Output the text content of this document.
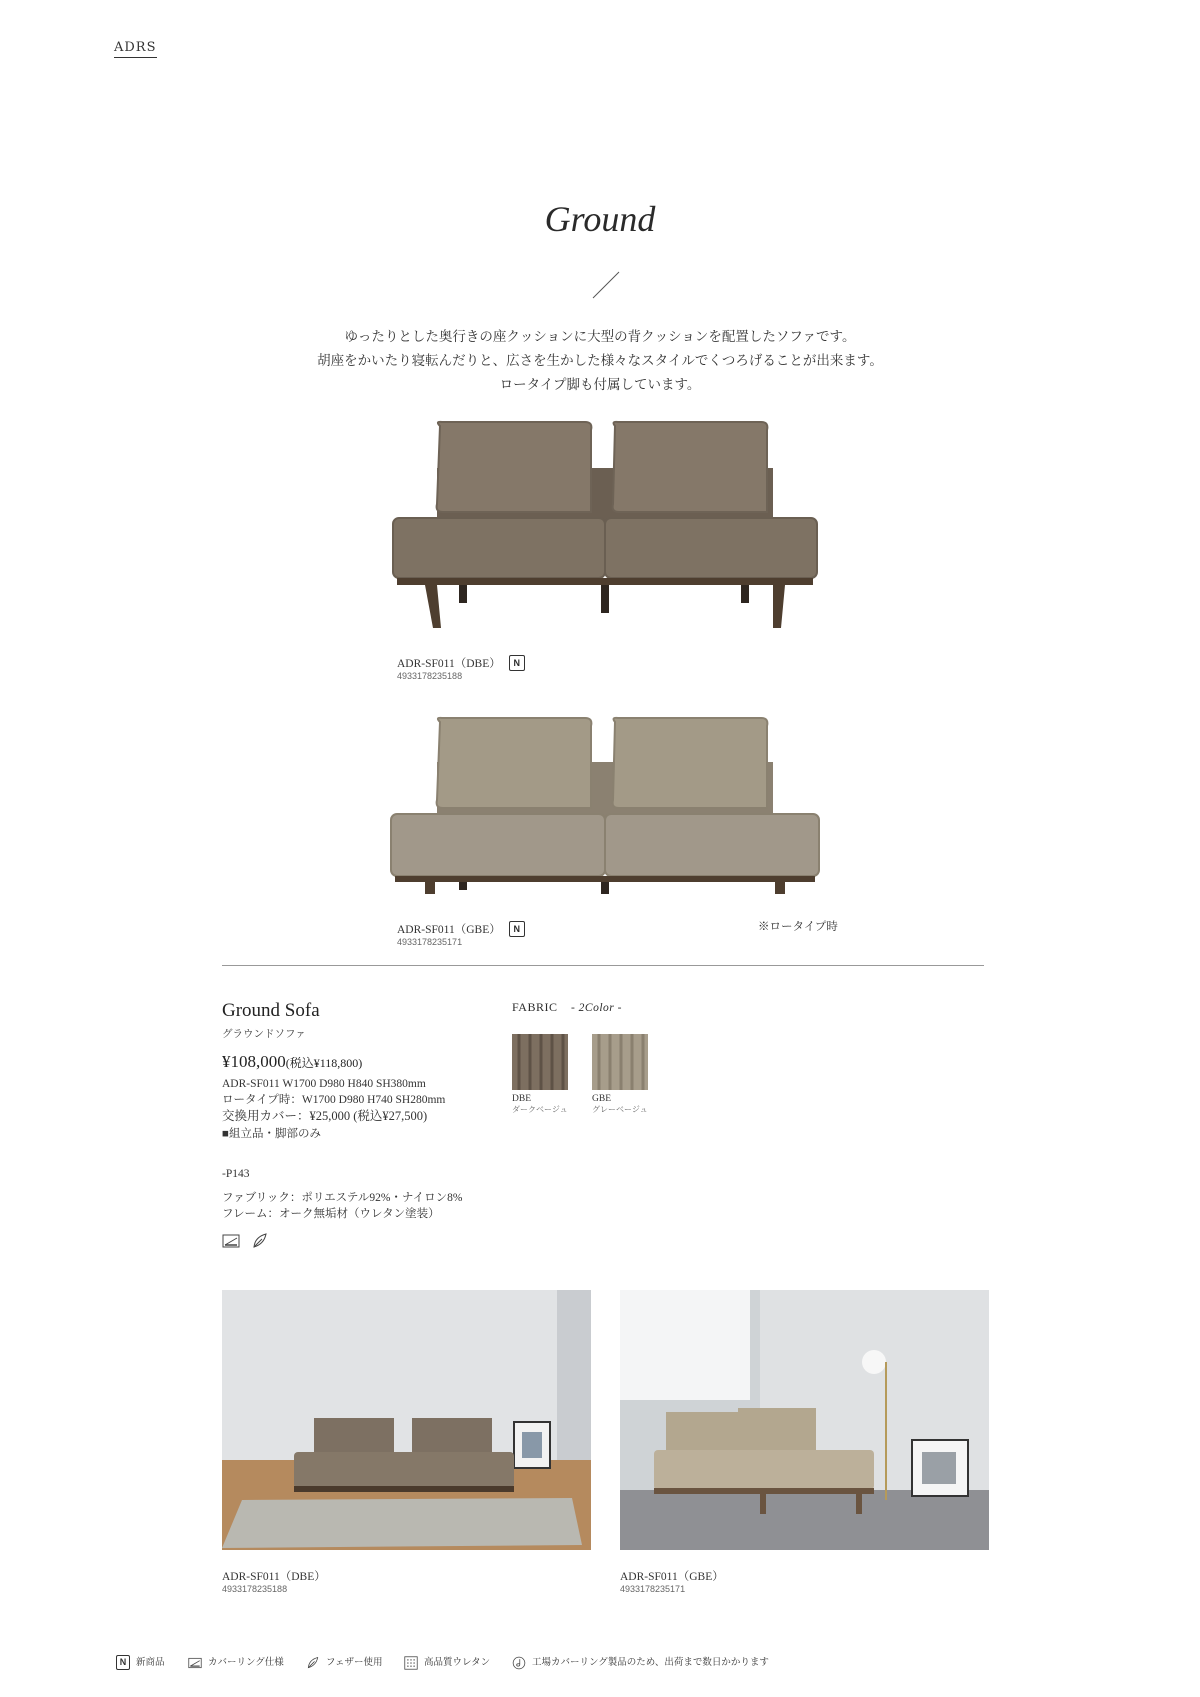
ADRS
Ground
ゆったりとした奥行きの座クッションに大型の背クッションを配置したソファです。
胡座をかいたり寝転んだりと、広さを生かした様々なスタイルでくつろげることが出来ます。
ロータイプ脚も付属しています。
ADR-SF011（DBE） N
4933178235188
ADR-SF011（GBE） N
4933178235171
※ロータイプ時
Ground Sofa
グラウンドソファ
¥108,000(税込¥118,800)
ADR-SF011 W1700 D980 H840 SH380mm
ロータイプ時：W1700 D980 H740 SH280mm
交換用カバー：¥25,000 (税込¥27,500)
■組立品・脚部のみ
-P143
ファブリック：ポリエステル92%・ナイロン8%
フレーム：オーク無垢材（ウレタン塗装）

FABRIC - 2Color -
DBE
ダークベージュ
GBE
グレーベージュ
ADR-SF011（DBE）
4933178235188
ADR-SF011（GBE）
4933178235171
N 新商品	カバーリング仕様	フェザー使用	高品質ウレタン	工場カバーリング製品のため、出荷まで数日かかります
